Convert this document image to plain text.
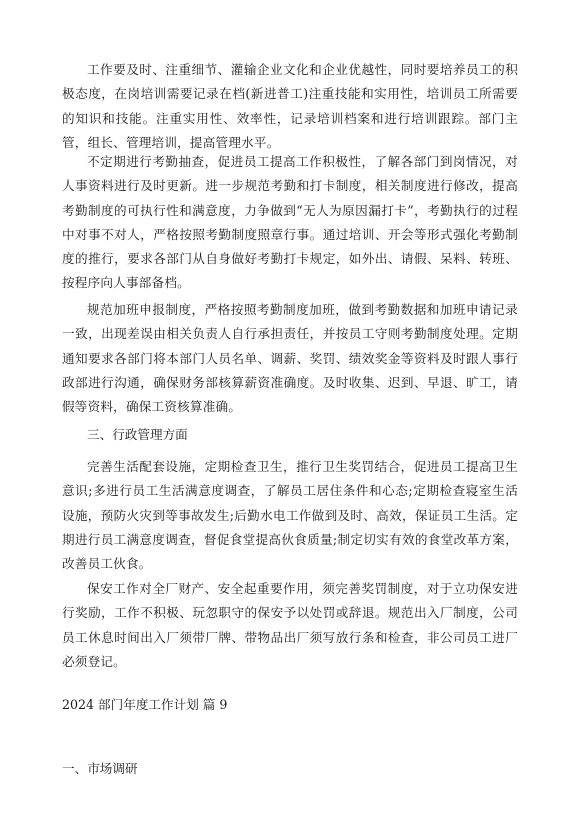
工作要及时、注重细节、灌输企业文化和企业优越性，同时要培养员工的积极态度，在岗培训需要记录在档(新进普工)注重技能和实用性，培训员工所需要的知识和技能。注重实用性、效率性，记录培训档案和进行培训跟踪。部门主管，组长、管理培训，提高管理水平。

不定期进行考勤抽查，促进员工提高工作积极性，了解各部门到岗情况，对人事资料进行及时更新。进一步规范考勤和打卡制度，相关制度进行修改，提高考勤制度的可执行性和满意度，力争做到“无人为原因漏打卡”，考勤执行的过程中对事不对人，严格按照考勤制度照章行事。通过培训、开会等形式强化考勤制度的推行，要求各部门从自身做好考勤打卡规定，如外出、请假、呆料、转班、按程序向人事部备档。

规范加班申报制度，严格按照考勤制度加班，做到考勤数据和加班申请记录一致，出现差误由相关负责人自行承担责任，并按员工守则考勤制度处理。定期通知要求各部门将本部门人员名单、调薪、奖罚、绩效奖金等资料及时跟人事行政部进行沟通，确保财务部核算薪资准确度。及时收集、迟到、早退、旷工，请假等资料，确保工资核算准确。

三、行政管理方面

完善生活配套设施，定期检查卫生，推行卫生奖罚结合，促进员工提高卫生意识;多进行员工生活满意度调查，了解员工居住条件和心态;定期检查寝室生活设施，预防火灾到等事故发生;后勤水电工作做到及时、高效，保证员工生活。定期进行员工满意度调查，督促食堂提高伙食质量;制定切实有效的食堂改革方案，改善员工伙食。

保安工作对全厂财产、安全起重要作用，须完善奖罚制度，对于立功保安进行奖励，工作不积极、玩忽职守的保安予以处罚或辞退。规范出入厂制度，公司员工休息时间出入厂须带厂牌、带物品出厂须写放行条和检查，非公司员工进厂必须登记。

2024 部门年度工作计划 篇 9

一、市场调研
